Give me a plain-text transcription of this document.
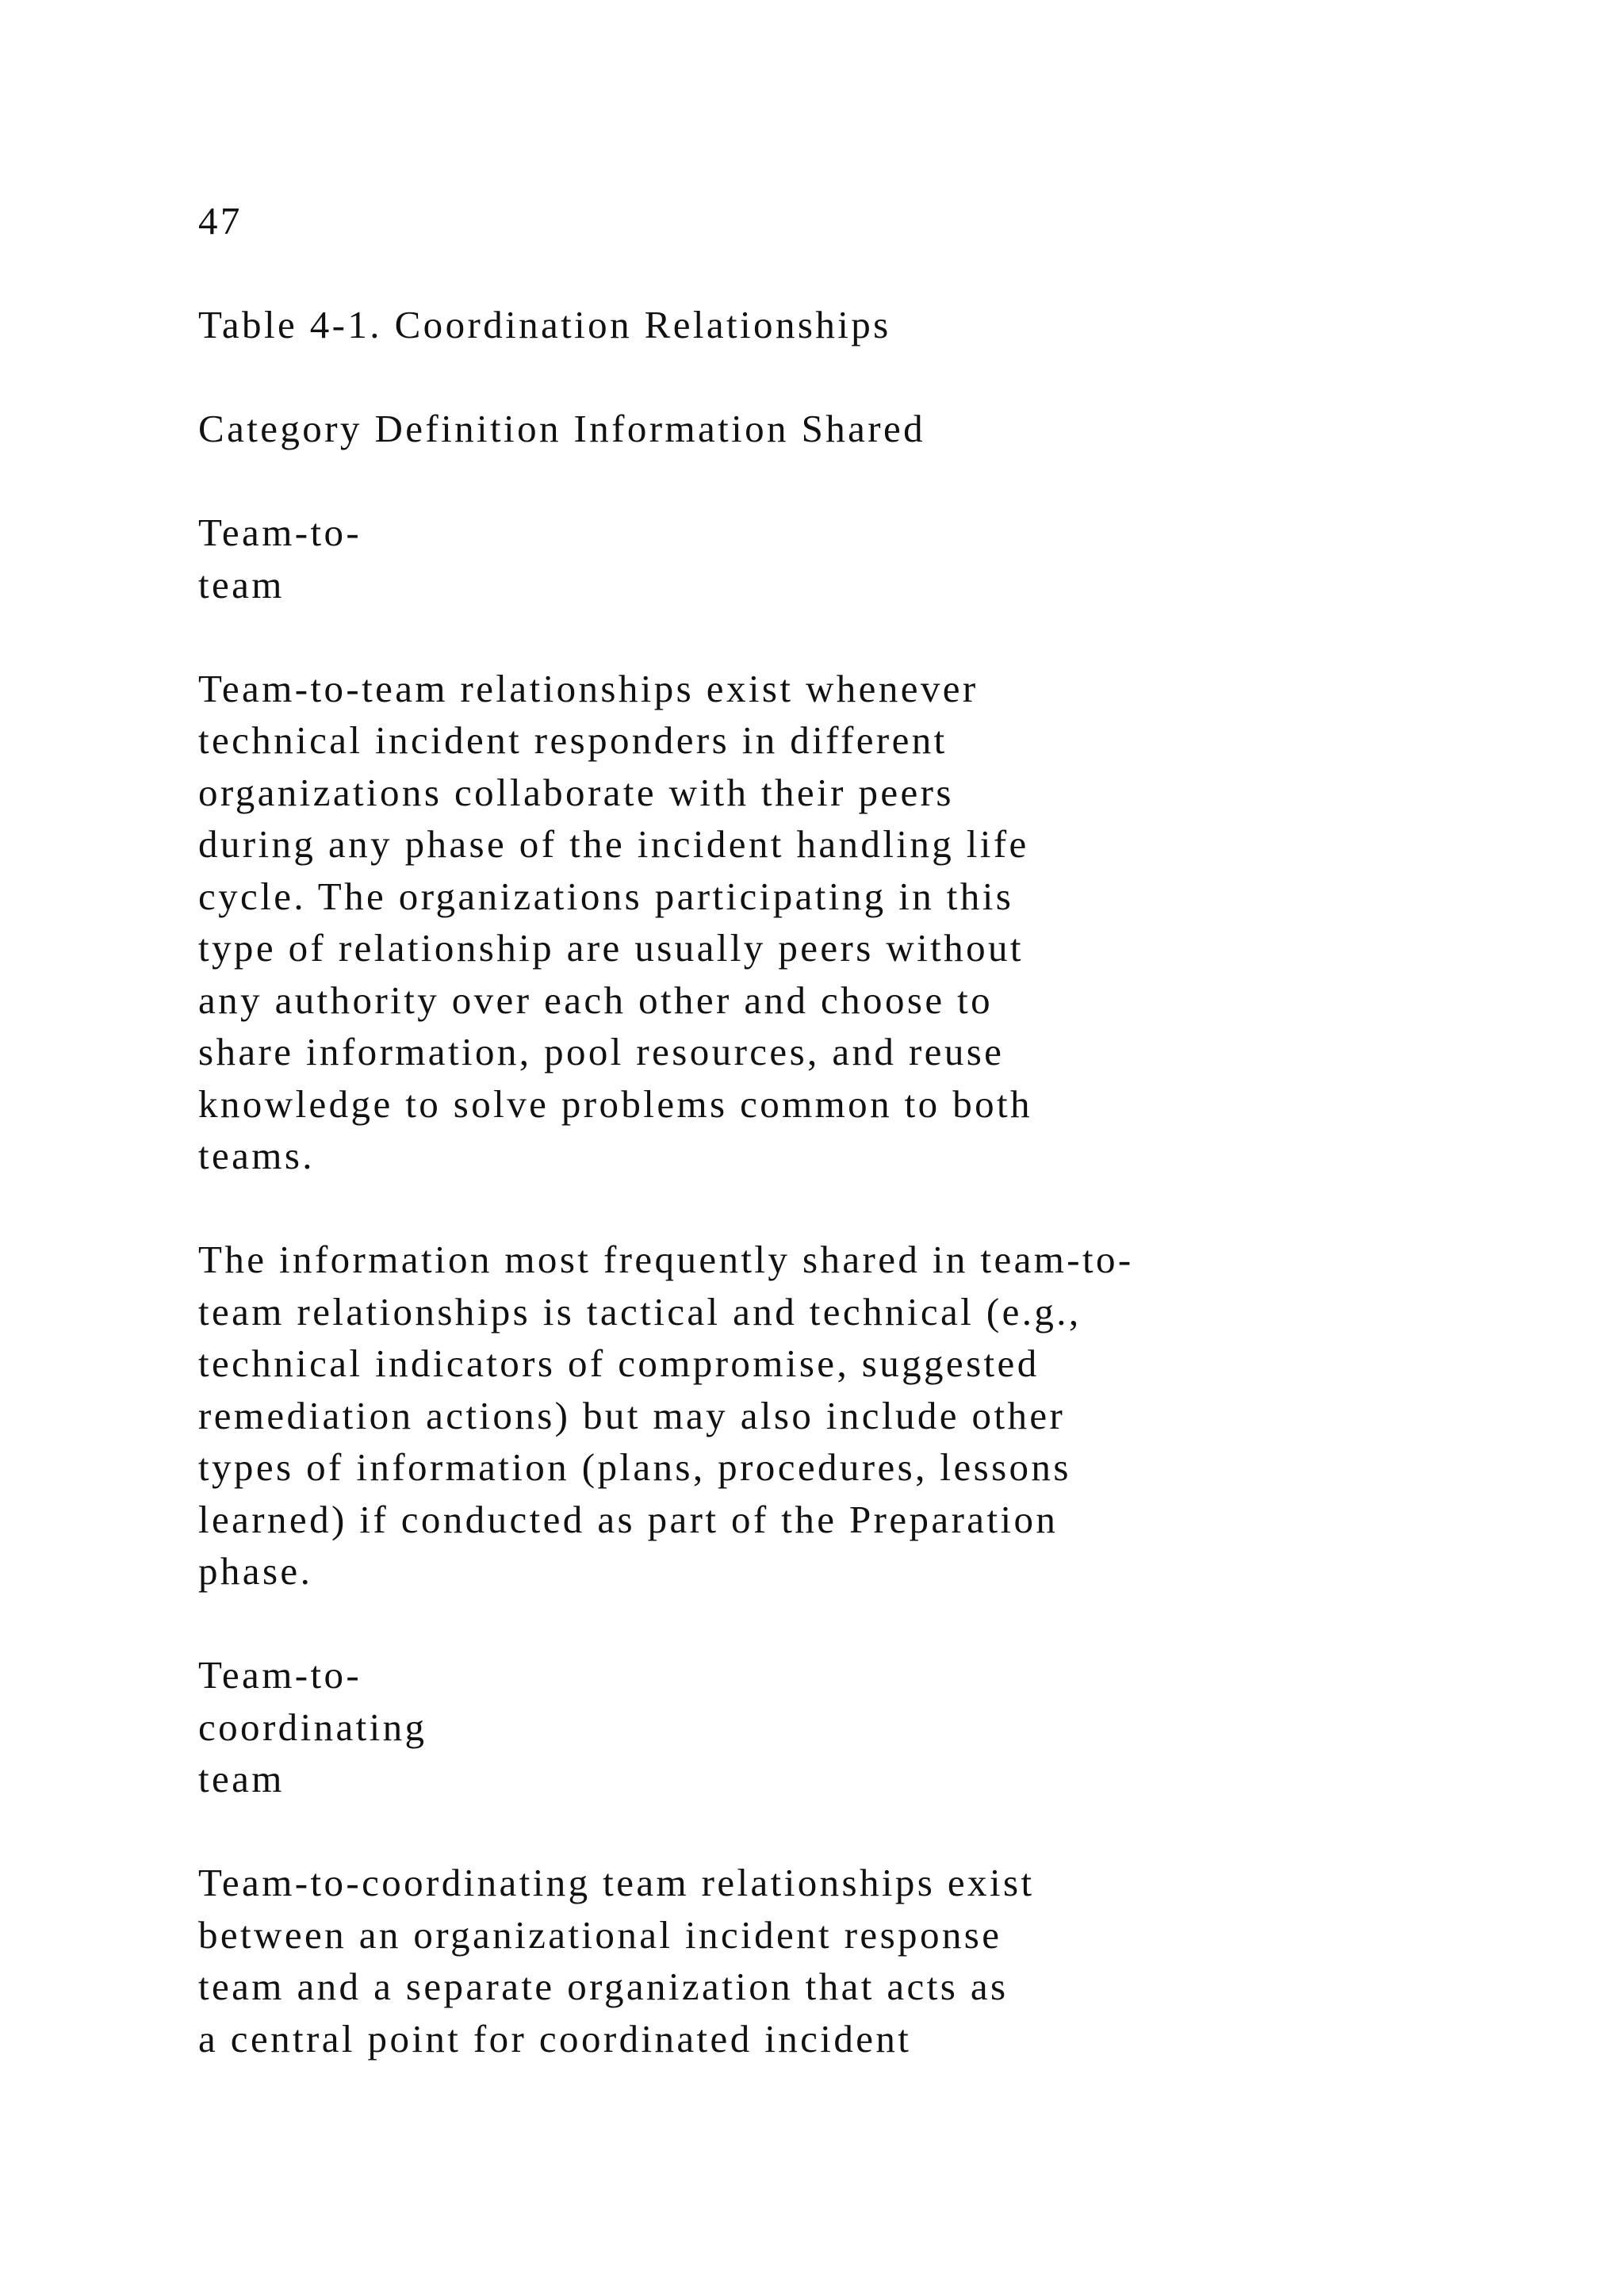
47
Table 4-1. Coordination Relationships
Category Definition Information Shared
Team-to-
team
Team-to-team relationships exist whenever
technical incident responders in different
organizations collaborate with their peers
during any phase of the incident handling life
cycle. The organizations participating in this
type of relationship are usually peers without
any authority over each other and choose to
share information, pool resources, and reuse
knowledge to solve problems common to both
teams.
The information most frequently shared in team-to-
team relationships is tactical and technical (e.g.,
technical indicators of compromise, suggested
remediation actions) but may also include other
types of information (plans, procedures, lessons
learned) if conducted as part of the Preparation
phase.
Team-to-
coordinating
team
Team-to-coordinating team relationships exist
between an organizational incident response
team and a separate organization that acts as
a central point for coordinated incident
